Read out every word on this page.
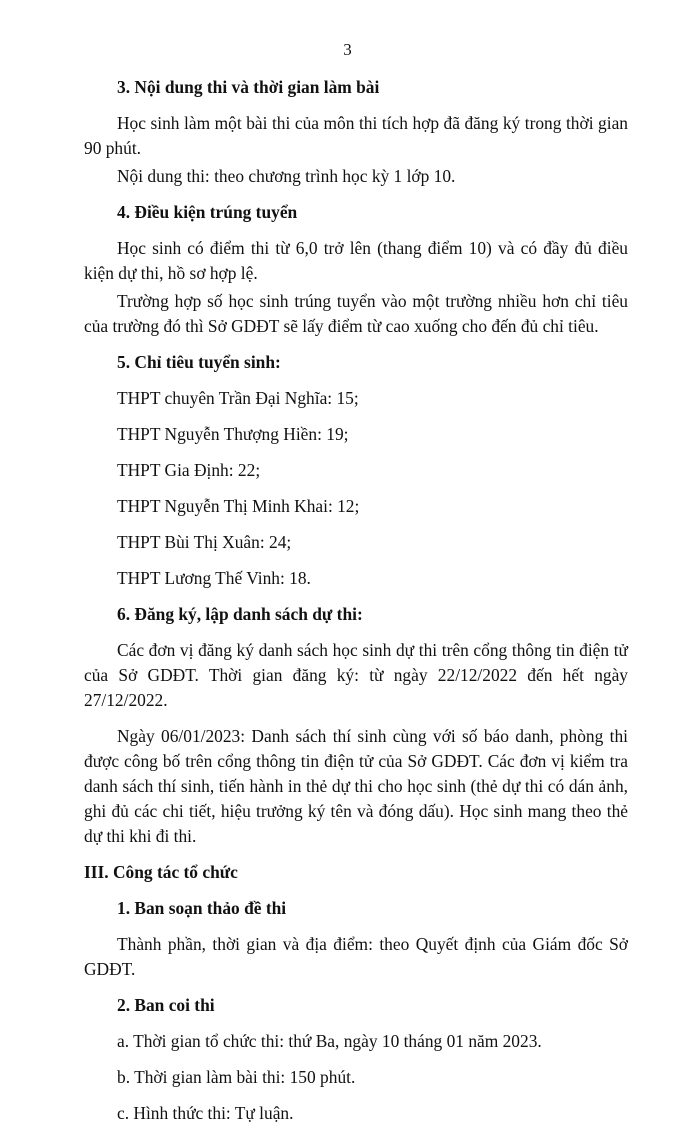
3
3. Nội dung thi và thời gian làm bài
Học sinh làm một bài thi của môn thi tích hợp đã đăng ký trong thời gian 90 phút.
Nội dung thi: theo chương trình học kỳ 1 lớp 10.
4. Điều kiện trúng tuyển
Học sinh có điểm thi từ 6,0 trở lên (thang điểm 10) và có đầy đủ điều kiện dự thi, hồ sơ hợp lệ.
Trường hợp số học sinh trúng tuyển vào một trường nhiều hơn chỉ tiêu của trường đó thì Sở GDĐT sẽ lấy điểm từ cao xuống cho đến đủ chỉ tiêu.
5. Chỉ tiêu tuyển sinh:
THPT chuyên Trần Đại Nghĩa: 15;
THPT Nguyễn Thượng Hiền: 19;
THPT Gia Định: 22;
THPT Nguyễn Thị Minh Khai: 12;
THPT Bùi Thị Xuân: 24;
THPT Lương Thế Vinh: 18.
6. Đăng ký, lập danh sách dự thi:
Các đơn vị đăng ký danh sách học sinh dự thi trên cổng thông tin điện tử của Sở GDĐT. Thời gian đăng ký: từ ngày 22/12/2022 đến hết ngày 27/12/2022.
Ngày 06/01/2023: Danh sách thí sinh cùng với số báo danh, phòng thi được công bố trên cổng thông tin điện tử của Sở GDĐT. Các đơn vị kiểm tra danh sách thí sinh, tiến hành in thẻ dự thi cho học sinh (thẻ dự thi có dán ảnh, ghi đủ các chi tiết, hiệu trưởng ký tên và đóng dấu). Học sinh mang theo thẻ dự thi khi đi thi.
III. Công tác tổ chức
1. Ban soạn thảo đề thi
Thành phần, thời gian và địa điểm: theo Quyết định của Giám đốc Sở GDĐT.
2. Ban coi thi
a. Thời gian tổ chức thi: thứ Ba, ngày 10 tháng 01 năm 2023.
b. Thời gian làm bài thi: 150 phút.
c. Hình thức thi: Tự luận.
